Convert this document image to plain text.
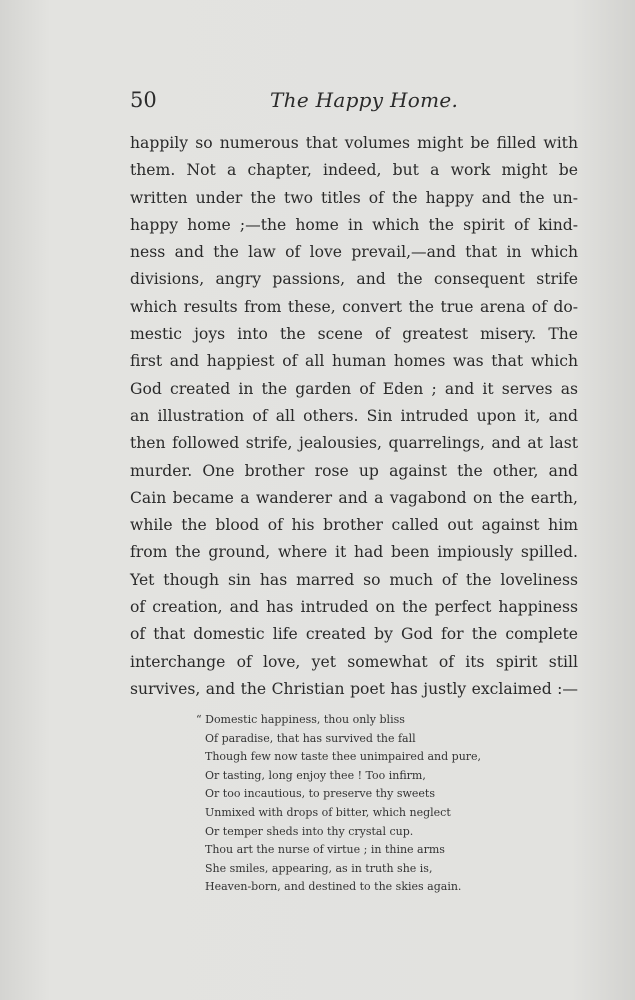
50	The Happy Home.
happily so numerous that volumes might be filled with
them. Not a chapter, indeed, but a work might be
written under the two titles of the happy and the un-
happy home ;—the home in which the spirit of kind-
ness and the law of love prevail,—and that in which
divisions, angry passions, and the consequent strife
which results from these, convert the true arena of do-
mestic joys into the scene of greatest misery. The
first and happiest of all human homes was that which
God created in the garden of Eden ; and it serves as
an illustration of all others. Sin intruded upon it, and
then followed strife, jealousies, quarrelings, and at last
murder. One brother rose up against the other, and
Cain became a wanderer and a vagabond on the earth,
while the blood of his brother called out against him
from the ground, where it had been impiously spilled.
Yet though sin has marred so much of the loveliness
of creation, and has intruded on the perfect happiness
of that domestic life created by God for the complete
interchange of love, yet somewhat of its spirit still
survives, and the Christian poet has justly exclaimed :—
“ Domestic happiness, thou only bliss
Of paradise, that has survived the fall
Though few now taste thee unimpaired and pure,
Or tasting, long enjoy thee ! Too infirm,
Or too incautious, to preserve thy sweets
Unmixed with drops of bitter, which neglect
Or temper sheds into thy crystal cup.
Thou art the nurse of virtue ; in thine arms
She smiles, appearing, as in truth she is,
Heaven-born, and destined to the skies again.
